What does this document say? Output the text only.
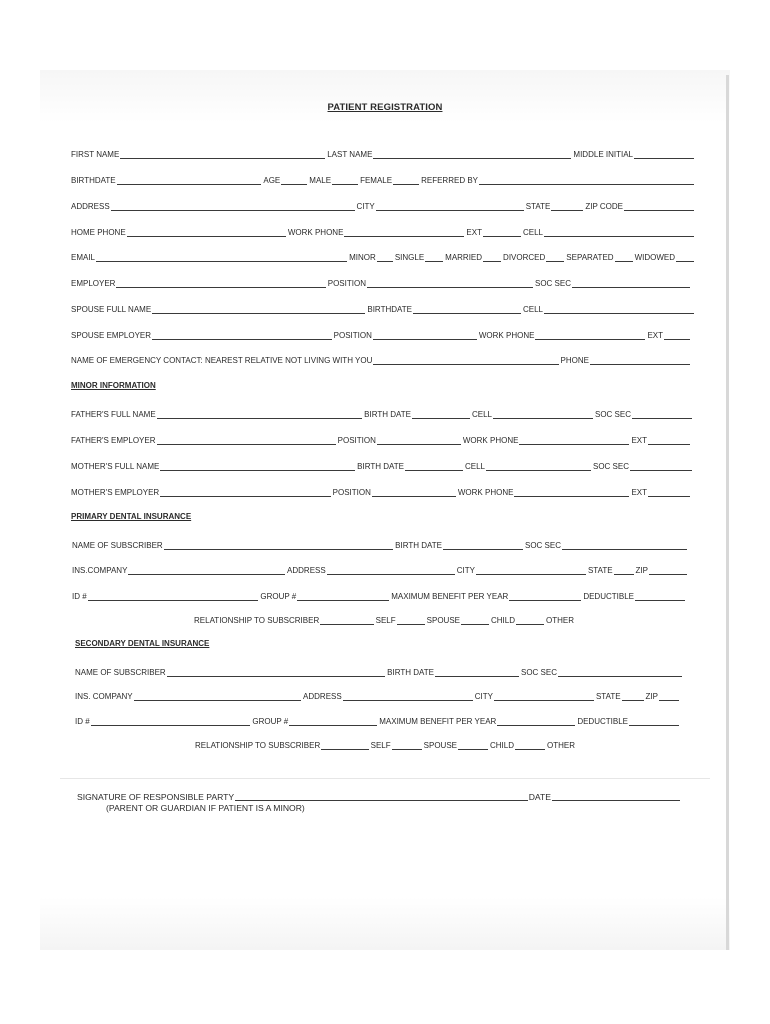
PATIENT REGISTRATION
FIRST NAME	LAST NAME	MIDDLE INITIAL
BIRTHDATE	AGE	MALE	FEMALE	REFERRED BY
ADDRESS	CITY	STATE	ZIP CODE
HOME PHONE	WORK PHONE	EXT	CELL
EMAIL	MINOR SINGLE	MARRIED	DIVORCED	SEPARATED	WIDOWED
EMPLOYER	POSITION	SOC SEC
SPOUSE FULL NAME	BIRTHDATE	CELL
SPOUSE EMPLOYER	POSITION	WORK PHONE	EXT
NAME OF EMERGENCY CONTACT: NEAREST RELATIVE NOT LIVING WITH YOU	PHONE
FATHER'S FULL NAME	BIRTH DATE	CELL	SOC SEC
FATHER'S EMPLOYER	POSITION	WORK PHONE	EXT
MOTHER'S FULL NAME	BIRTH DATE	CELL	SOC SEC
MOTHER'S EMPLOYER	POSITION	WORK PHONE	EXT
NAME OF SUBSCRIBER	BIRTH DATE	SOC SEC
INS.COMPANY	ADDRESS	CITY	STATE	ZIP
ID #	GROUP #	MAXIMUM BENEFIT PER YEAR	DEDUCTIBLE
RELATIONSHIP TO SUBSCRIBER	SELF	SPOUSE	CHILD	OTHER
NAME OF SUBSCRIBER	BIRTH DATE	SOC SEC
INS. COMPANY	ADDRESS	CITY	STATE	ZIP
ID #	GROUP #	MAXIMUM BENEFIT PER YEAR	DEDUCTIBLE
RELATIONSHIP TO SUBSCRIBER	SELF	SPOUSE	CHILD	OTHER
MINOR INFORMATION
PRIMARY DENTAL INSURANCE
SECONDARY DENTAL INSURANCE
SIGNATURE OF RESPONSIBLE PARTY	DATE
(PARENT OR GUARDIAN IF PATIENT IS A MINOR)
